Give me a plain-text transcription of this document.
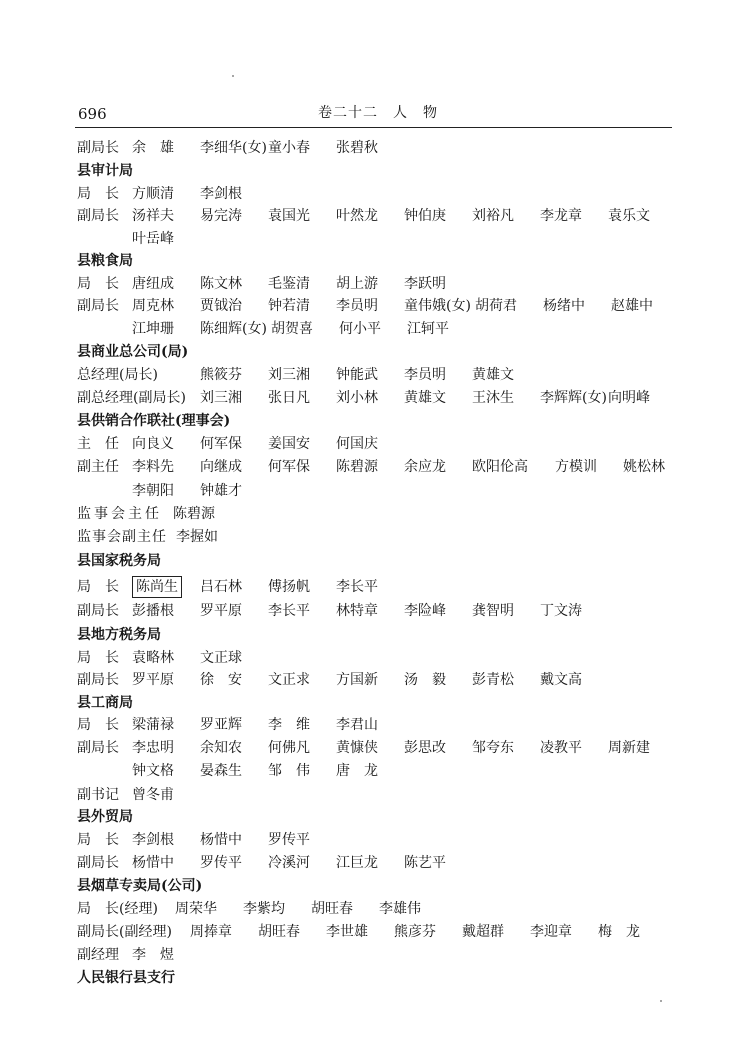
696	卷二十二　人　物
副局长 余　雄	李细华(女) 童小春	张碧秋
县审计局
局　长 方顺清	李剑根
副局长 汤祥夫	易完涛	袁国光	叶然龙	钟伯庚	刘裕凡	李龙章	袁乐文
叶岳峰
县粮食局
局　长 唐纽成	陈文林	毛鉴清	胡上游	李跃明
副局长 周克林	贾钺治	钟若清	李员明	童伟娥(女) 胡荷君	杨绪中	赵雄中
江坤珊	陈细辉(女) 胡贺喜	何小平	江轲平
县商业总公司(局)
总经理(局长)	熊筱芬	刘三湘	钟能武	李员明	黄雄文
副总经理(副局长)	刘三湘	张日凡	刘小林	黄雄文	王沐生	李辉辉(女) 向明峰
县供销合作联社(理事会)
主　任 向良义	何军保	姜国安	何国庆
副主任 李料先	向继成	何军保	陈碧源	余应龙	欧阳伦高	方模训	姚松林
李朝阳	钟雄才
监事会主任 陈碧源
监事会副主任 李握如
县国家税务局
局　长	陈尚生	吕石林	傅扬帆	李长平
副局长 彭播根	罗平原	李长平	林特章	李险峰	龚智明	丁文涛
县地方税务局
局　长 袁略林	文正球
副局长 罗平原	徐　安	文正求	方国新	汤　毅	彭青松	戴文高
县工商局
局　长 梁蒲禄	罗亚辉	李　维	李君山
副局长 李忠明	余知农	何佛凡	黄慷侠	彭思改	邹夸东	凌教平	周新建
钟文格	晏森生	邹　伟	唐　龙
副书记 曾冬甫
县外贸局
局　长 李剑根	杨惜中	罗传平
副局长 杨惜中	罗传平	冷溪河	江巨龙	陈艺平
县烟草专卖局(公司)
局　长(经理)	周荣华	李紫均	胡旺春	李雄伟
副局长(副经理)	周捧章	胡旺春	李世雄	熊彦芬	戴超群	李迎章	梅　龙
副经理 李　煜
人民银行县支行
